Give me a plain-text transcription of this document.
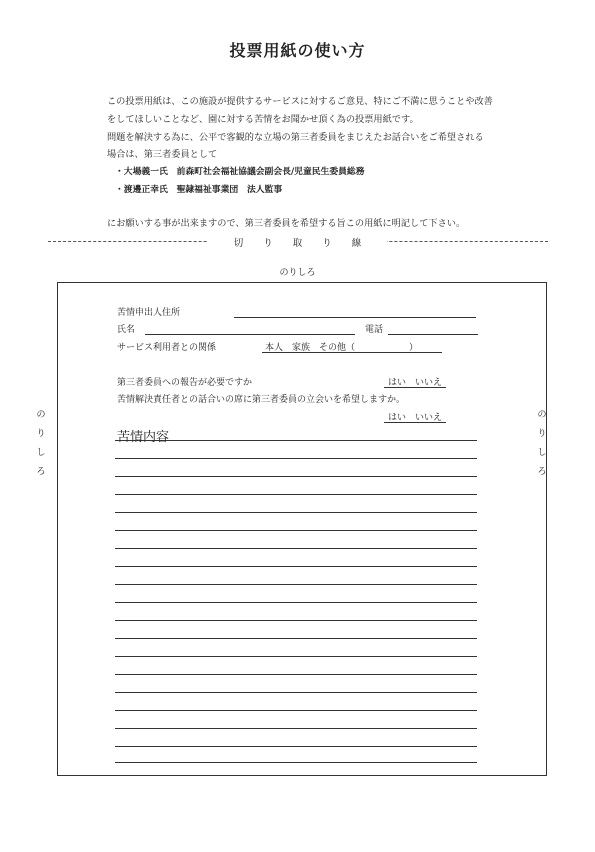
投票用紙の使い方
この投票用紙は、この施設が提供するサービスに対するご意見、特にご不満に思うことや改善
をしてほしいことなど、園に対する苦情をお聞かせ頂く為の投票用紙です。
問題を解決する為に、公平で客観的な立場の第三者委員をまじえたお話合いをご希望される
場合は、第三者委員として
・大場義一氏　前森町社会福祉協議会副会長/児童民生委員総務
・渡邊正幸氏　聖隷福祉事業団　法人監事
にお願いする事が出来ますので、第三者委員を希望する旨この用紙に明記して下さい。
切り取り線
のりしろ
の
り
し
ろ
の
り
し
ろ
苦情申出人住所
氏名	電話
サービス利用者との関係	本人　家族　その他（　　　　　　）
第三者委員への報告が必要ですか	はい　いいえ
苦情解決責任者との話合いの席に第三者委員の立会いを希望しますか。
はい　いいえ
苦情内容
